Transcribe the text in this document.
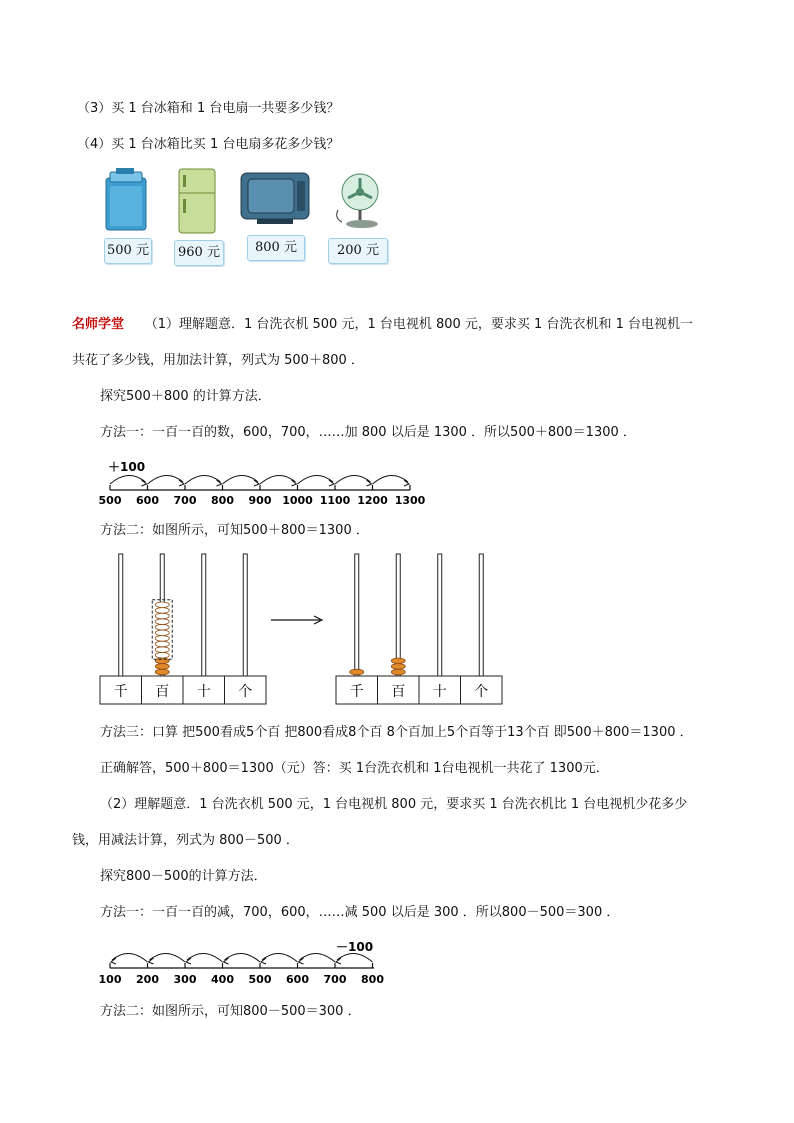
（3）买 1 台冰箱和 1 台电扇一共要多少钱？
（4）买 1 台冰箱比买 1 台电扇多花多少钱？
500 元	960 元	800 元	200 元
名师学堂 （1）理解题意．1 台洗衣机 500 元，1 台电视机 800 元，要求买 1 台洗衣机和 1 台电视机一
共花了多少钱，用加法计算，列式为 500＋800 ．
探究500＋800 的计算方法．
方法一：一百一百的数，600，700，……加 800 以后是 1300 ．所以500＋800＝1300 ．
＋100
500 600 700 800 900 1000 1100 1200 1300
方法二：如图所示，可知500＋800＝1300 ．
千 百 十 个	千 百 十 个
方法三：口算 把500看成5个百 把800看成8个百 8个百加上5个百等于13个百 即500＋800＝1300 ．
正确解答，500＋800＝1300（元）答：买 1台洗衣机和 1台电视机一共花了 1300元．
（2）理解题意．1 台洗衣机 500 元，1 台电视机 800 元，要求买 1 台洗衣机比 1 台电视机少花多少
钱，用减法计算，列式为 800－500 ．
探究800－500的计算方法．
方法一：一百一百的减，700，600，……减 500 以后是 300 ．所以800－500＝300 ．
－100
100 200 300 400 500 600 700 800
方法二：如图所示，可知800－500＝300 ．
